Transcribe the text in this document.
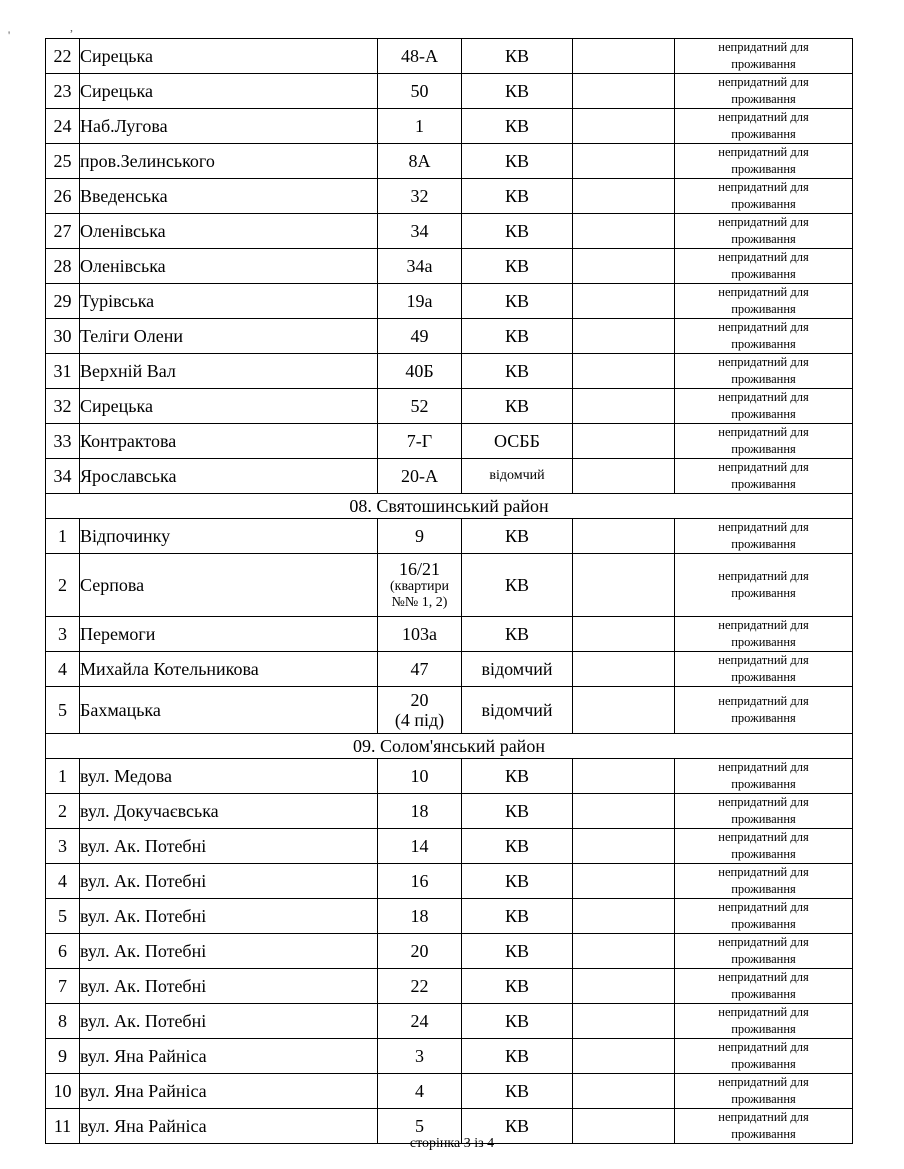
'
,
22	Сирецька	48-А	КВ		непридатний для
проживання

23	Сирецька	50	КВ		непридатний для
проживання

24	Наб.Лугова	1	КВ		непридатний для
проживання

25	пров.Зелинського	8А	КВ		непридатний для
проживання

26	Введенська	32	КВ		непридатний для
проживання

27	Оленівська	34	КВ		непридатний для
проживання

28	Оленівська	34а	КВ		непридатний для
проживання

29	Турівська	19а	КВ		непридатний для
проживання

30	Теліги Олени	49	КВ		непридатний для
проживання

31	Верхній Вал	40Б	КВ		непридатний для
проживання

32	Сирецька	52	КВ		непридатний для
проживання

33	Контрактова	7-Г	ОСББ		непридатний для
проживання

34	Ярославська	20-А	відомчий		непридатний для
проживання

08. Святошинський район					
1	Відпочинку	9	КВ		непридатний для
проживання

2	Серпова	16/21
(квартири
№№ 1, 2)	КВ		непридатний для
проживання

3	Перемоги	103а	КВ		непридатний для
проживання

4	Михайла Котельникова	47	відомчий		непридатний для
проживання

5	Бахмацька	20
(4 під)	відомчий		непридатний для
проживання

09. Солом'янський район					
1	вул. Медова	10	КВ		непридатний для
проживання

2	вул. Докучаєвська	18	КВ		непридатний для
проживання

3	вул. Ак. Потебні	14	КВ		непридатний для
проживання

4	вул. Ак. Потебні	16	КВ		непридатний для
проживання

5	вул. Ак. Потебні	18	КВ		непридатний для
проживання

6	вул. Ак. Потебні	20	КВ		непридатний для
проживання

7	вул. Ак. Потебні	22	КВ		непридатний для
проживання

8	вул. Ак. Потебні	24	КВ		непридатний для
проживання

9	вул. Яна Райніса	3	КВ		непридатний для
проживання

10	вул. Яна Райніса	4	КВ		непридатний для
проживання

11	вул. Яна Райніса	5	КВ		непридатний для
проживання
сторінка 3 із 4
